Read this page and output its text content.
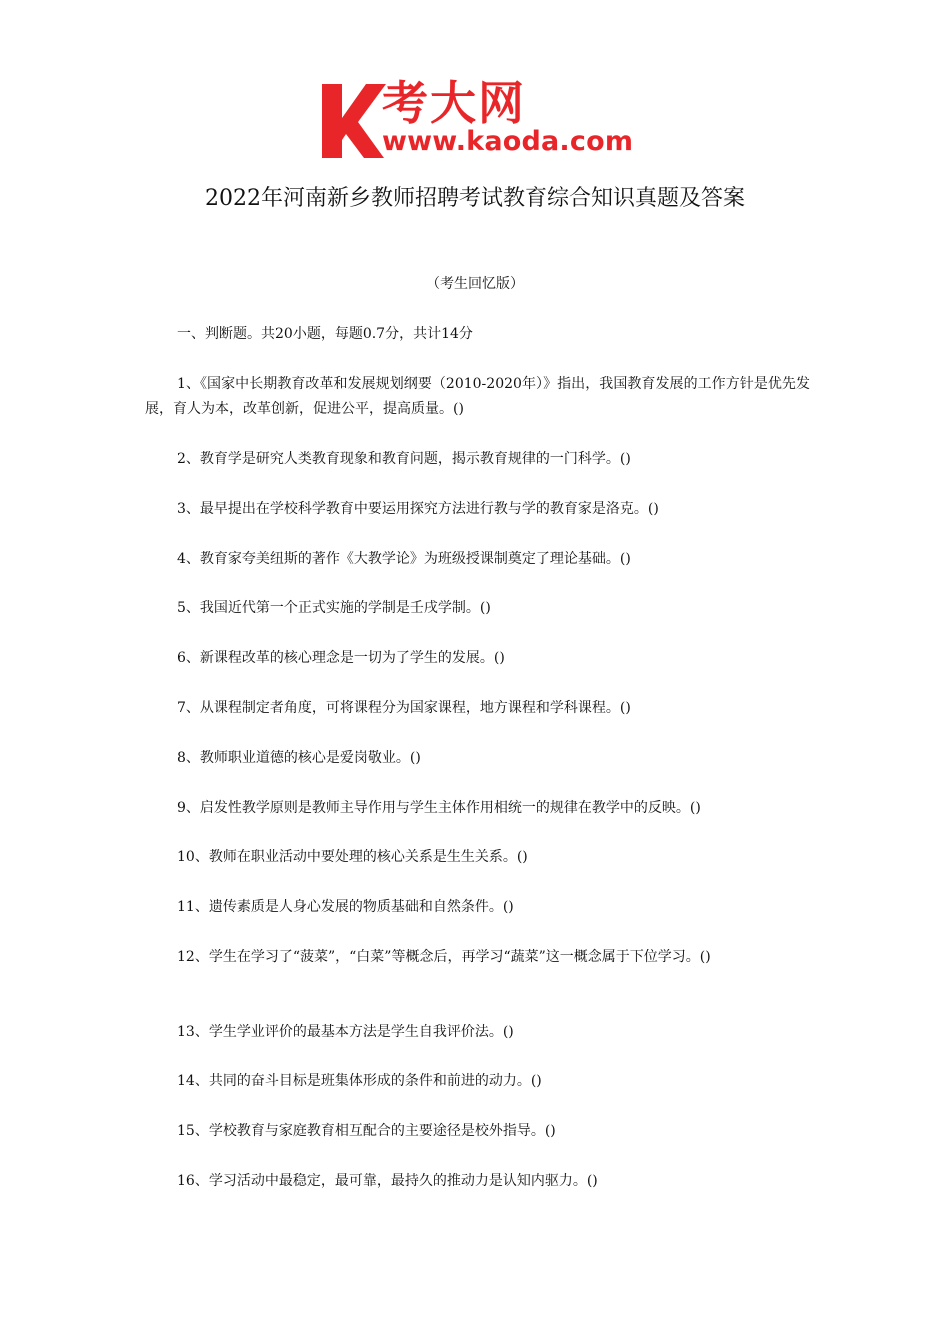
考大网
www.kaoda.com
2022年河南新乡教师招聘考试教育综合知识真题及答案
（考生回忆版）
一、判断题。共20小题，每题0.7分，共计14分
1、《国家中长期教育改革和发展规划纲要（2010-2020年）》指出，我国教育发展的工作方针是优先发展，育人为本，改革创新，促进公平，提高质量。()
2、教育学是研究人类教育现象和教育问题，揭示教育规律的一门科学。()
3、最早提出在学校科学教育中要运用探究方法进行教与学的教育家是洛克。()
4、教育家夸美纽斯的著作《大教学论》为班级授课制奠定了理论基础。()
5、我国近代第一个正式实施的学制是壬戌学制。()
6、新课程改革的核心理念是一切为了学生的发展。()
7、从课程制定者角度，可将课程分为国家课程，地方课程和学科课程。()
8、教师职业道德的核心是爱岗敬业。()
9、启发性教学原则是教师主导作用与学生主体作用相统一的规律在教学中的反映。()
10、教师在职业活动中要处理的核心关系是生生关系。()
11、遗传素质是人身心发展的物质基础和自然条件。()
12、学生在学习了“菠菜”，“白菜”等概念后，再学习“蔬菜”这一概念属于下位学习。()
13、学生学业评价的最基本方法是学生自我评价法。()
14、共同的奋斗目标是班集体形成的条件和前进的动力。()
15、学校教育与家庭教育相互配合的主要途径是校外指导。()
16、学习活动中最稳定，最可靠，最持久的推动力是认知内驱力。()
